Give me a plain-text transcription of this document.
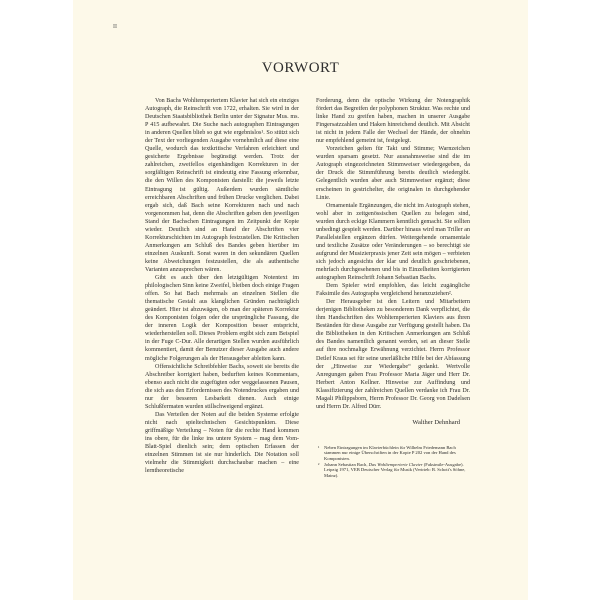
II
VORWORT

Von Bachs Wohltemperiertem Klavier hat sich ein einziges Autograph, die Reinschrift von 1722, erhalten. Sie wird in der Deutschen Staatsbibliothek Berlin unter der Signatur Mus. ms. P 415 aufbewahrt. Die Suche nach autographen Eintragungen in anderen Quellen blieb so gut wie ergebnislos¹. So stützt sich der Text der vorliegenden Ausgabe vornehmlich auf diese eine Quelle, wodurch das textkritische Verfahren erleichtert und gesicherte Ergebnisse begünstigt werden. Trotz der zahlreichen, zweifellos eigenhändigen Korrekturen in der sorgfältigen Reinschrift ist eindeutig eine Fassung erkennbar, die den Willen des Komponisten darstellt: die jeweils letzte Eintragung ist gültig. Außerdem wurden sämtliche erreichbaren Abschriften und frühen Drucke verglichen. Dabei ergab sich, daß Bach seine Korrekturen nach und nach vorgenommen hat, denn die Abschriften geben den jeweiligen Stand der Bachschen Eintragungen im Zeitpunkt der Kopie wieder. Deutlich sind an Hand der Abschriften vier Korrekturschichten im Autograph festzustellen. Die Kritischen Anmerkungen am Schluß des Bandes geben hierüber im einzelnen Auskunft. Sonst waren in den sekundären Quellen keine Abweichungen festzustellen, die als authentische Varianten anzusprechen wären.

Gibt es auch über den letztgültigen Notentext im philologischen Sinn keine Zweifel, bleiben doch einige Fragen offen. So hat Bach mehrmals an einzelnen Stellen die thematische Gestalt aus klanglichen Gründen nachträglich geändert. Hier ist abzuwägen, ob man der späteren Korrektur des Komponisten folgen oder die ursprüngliche Fassung, die der inneren Logik der Komposition besser entspricht, wiederherstellen soll. Dieses Problem ergibt sich zum Beispiel in der Fuge C-Dur. Alle derartigen Stellen wurden ausführlich kommentiert, damit der Benutzer dieser Ausgabe auch andere mögliche Folgerungen als der Herausgeber ableiten kann.

Offensichtliche Schreibfehler Bachs, soweit sie bereits die Abschreiber korrigiert haben, bedurften keines Kommentars, ebenso auch nicht die zugefügten oder weggelassenen Pausen, die sich aus den Erfordernissen des Notendruckes ergaben und nur der besseren Lesbarkeit dienen. Auch einige Schlußfermaten wurden stillschweigend ergänzt.

Das Verteilen der Noten auf die beiden Systeme erfolgte nicht nach spieltechnischen Gesichtspunkten. Diese griffmäßige Verteilung – Noten für die rechte Hand kommen ins obere, für die linke ins untere System – mag dem Vom-Blatt-Spiel dienlich sein; dem optischen Erfassen der einzelnen Stimmen ist sie nur hinderlich. Die Notation soll vielmehr die Stimmigkeit durchschaubar machen – eine lerntheoretische

Forderung, denn die optische Wirkung der Notengraphik fördert das Begreifen der polyphonen Struktur. Was rechte und linke Hand zu greifen haben, machen in unserer Ausgabe Fingersatzzahlen und Haken hinreichend deutlich. Mit Absicht ist nicht in jedem Falle der Wechsel der Hände, der ohnehin nur empfehlend gemeint ist, festgelegt.

Vorzeichen gelten für Takt und Stimme; Warnzeichen wurden sparsam gesetzt. Nur ausnahmsweise sind die im Autograph eingezeichneten Stimmweiser wiedergegeben, da der Druck die Stimmführung bereits deutlich wiedergibt. Gelegentlich wurden aber auch Stimmweiser ergänzt; diese erscheinen in gestrichelter, die originalen in durchgehender Linie.

Ornamentale Ergänzungen, die nicht im Autograph stehen, wohl aber in zeitgenössischen Quellen zu belegen sind, wurden durch eckige Klammern kenntlich gemacht. Sie sollten unbedingt gespielt werden. Darüber hinaus wird man Triller an Parallelstellen ergänzen dürfen. Weitergehende ornamentale und textliche Zusätze oder Veränderungen – so berechtigt sie aufgrund der Musizierpraxis jener Zeit sein mögen – verbieten sich jedoch angesichts der klar und deutlich geschriebenen, mehrfach durchgesehenen und bis in Einzelheiten korrigierten autographen Reinschrift Johann Sebastian Bachs.

Dem Spieler wird empfohlen, das leicht zugängliche Faksimile des Autographs vergleichend heranzuziehen².

Der Herausgeber ist den Leitern und Mitarbeitern derjenigen Bibliotheken zu besonderem Dank verpflichtet, die ihm Handschriften des Wohltemperierten Klaviers aus ihren Beständen für diese Ausgabe zur Verfügung gestellt haben. Da die Bibliotheken in den Kritischen Anmerkungen am Schluß des Bandes namentlich genannt werden, sei an dieser Stelle auf ihre nochmalige Erwähnung verzichtet. Herrn Professor Detlef Kraus sei für seine unerläßliche Hilfe bei der Abfassung der „Hinweise zur Wiedergabe“ gedankt. Wertvolle Anregungen gaben Frau Professor Maria Jäger und Herr Dr. Herbert Anton Kellner. Hinweise zur Auffindung und Klassifizierung der zahlreichen Quellen verdanke ich Frau Dr. Magali Philippsborn, Herrn Professor Dr. Georg von Dadelsen und Herrn Dr. Alfred Dürr.

Walther Dehnhard
¹ Neben Eintragungen im Klavierbüchlein für Wilhelm Friedemann Bach stammen nur einige Überschriften in der Kopie P 202 von der Hand des Komponisten.
² Johann Sebastian Bach, Das Wohltemperierte Clavier (Faksimile-Ausgabe). Leipzig 1971, VEB Deutscher Verlag für Musik (Vertrieb: B. Schott's Söhne, Mainz).
